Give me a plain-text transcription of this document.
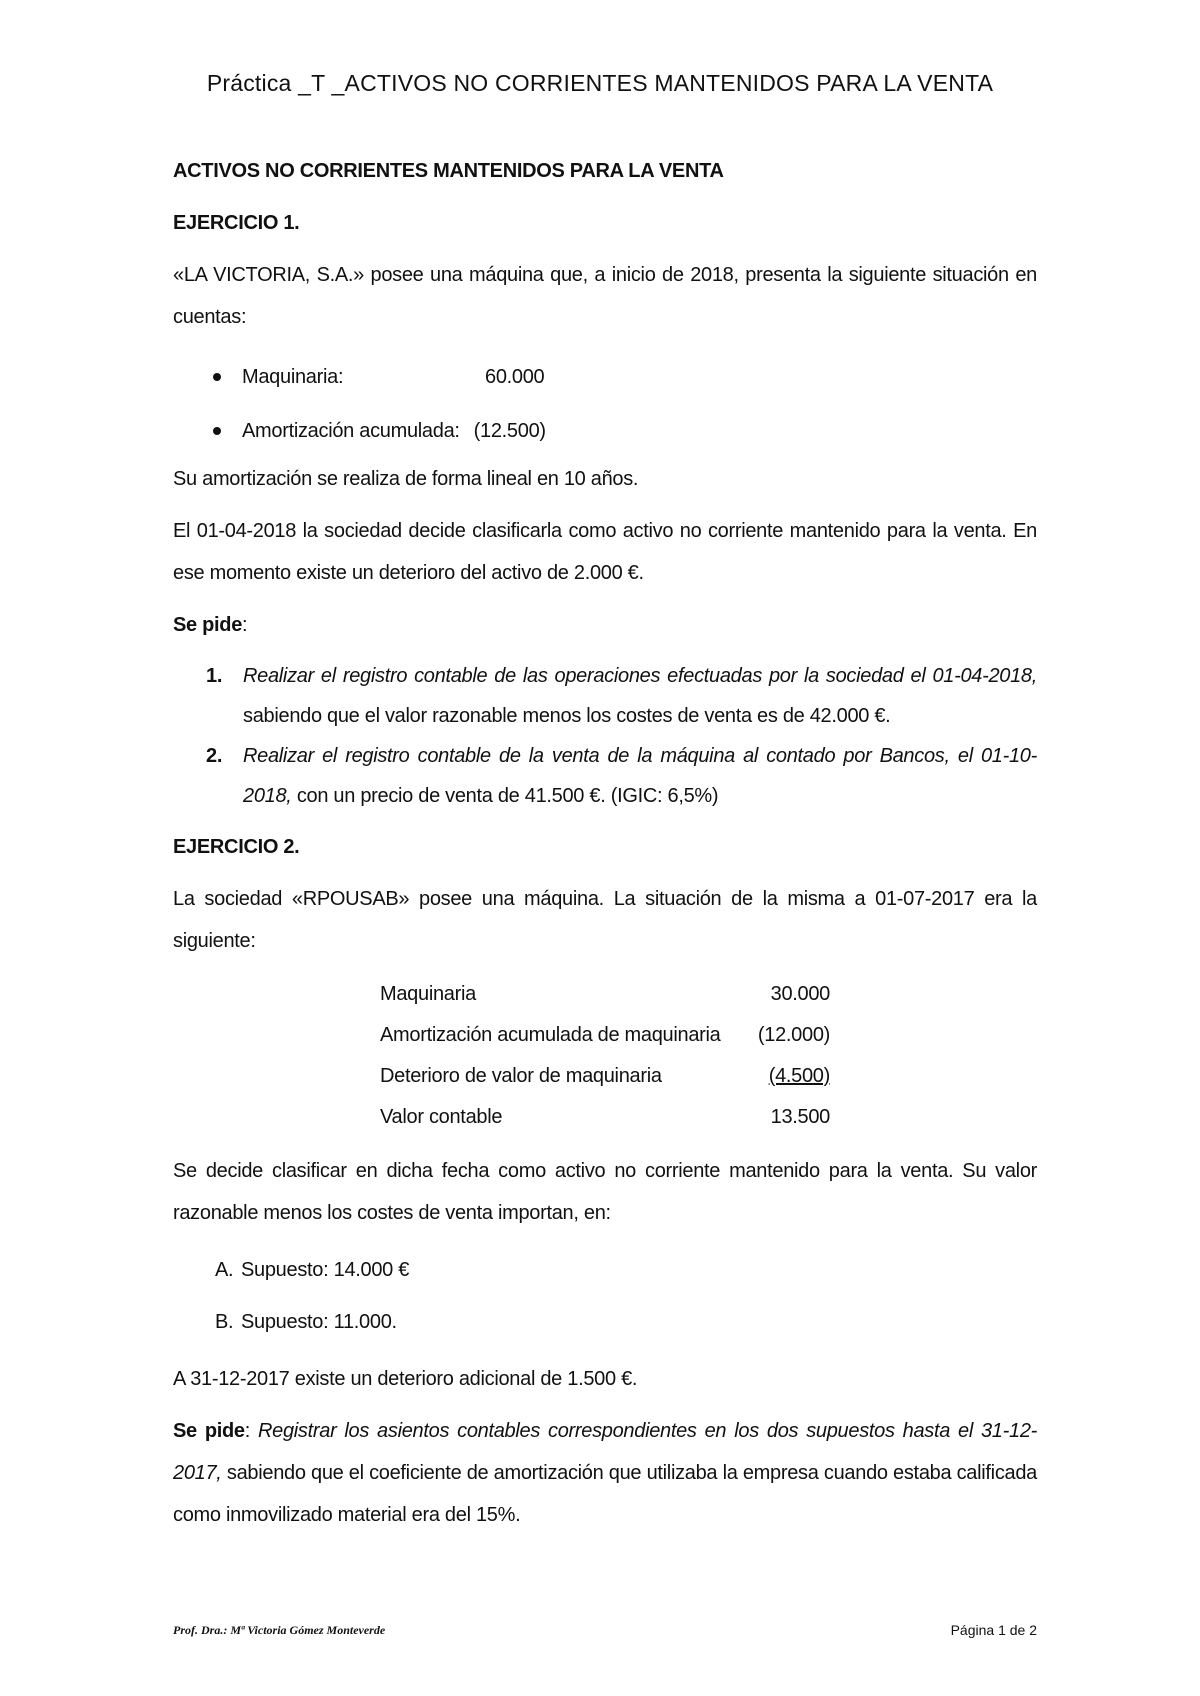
Práctica _T _ACTIVOS NO CORRIENTES MANTENIDOS PARA LA VENTA

ACTIVOS NO CORRIENTES MANTENIDOS PARA LA VENTA

EJERCICIO 1.

«LA VICTORIA, S.A.» posee una máquina que, a inicio de 2018, presenta la siguiente situación en cuentas:

Maquinaria:	60.000
Amortización acumulada: (12.500)

Su amortización se realiza de forma lineal en 10 años.

El 01-04-2018 la sociedad decide clasificarla como activo no corriente mantenido para la venta. En ese momento existe un deterioro del activo de 2.000 €.

Se pide:

1.	Realizar el registro contable de las operaciones efectuadas por la sociedad el 01-04-2018, sabiendo que el valor razonable menos los costes de venta es de 42.000 €.
2.	Realizar el registro contable de la venta de la máquina al contado por Bancos, el 01-10-2018, con un precio de venta de 41.500 €. (IGIC: 6,5%)

EJERCICIO 2.

La sociedad «RPOUSAB» posee una máquina. La situación de la misma a 01-07-2017 era la siguiente:

Maquinaria	30.000
Amortización acumulada de maquinaria (12.000)
Deterioro de valor de maquinaria	(4.500)
Valor contable	13.500

Se decide clasificar en dicha fecha como activo no corriente mantenido para la venta. Su valor razonable menos los costes de venta importan, en:

A. Supuesto: 14.000 €
B. Supuesto: 11.000.

A 31-12-2017 existe un deterioro adicional de 1.500 €.

Se pide: Registrar los asientos contables correspondientes en los dos supuestos hasta el 31-12-2017, sabiendo que el coeficiente de amortización que utilizaba la empresa cuando estaba calificada como inmovilizado material era del 15%.

Prof. Dra.: Mª Victoria Gómez Monteverde	Página 1 de 2
